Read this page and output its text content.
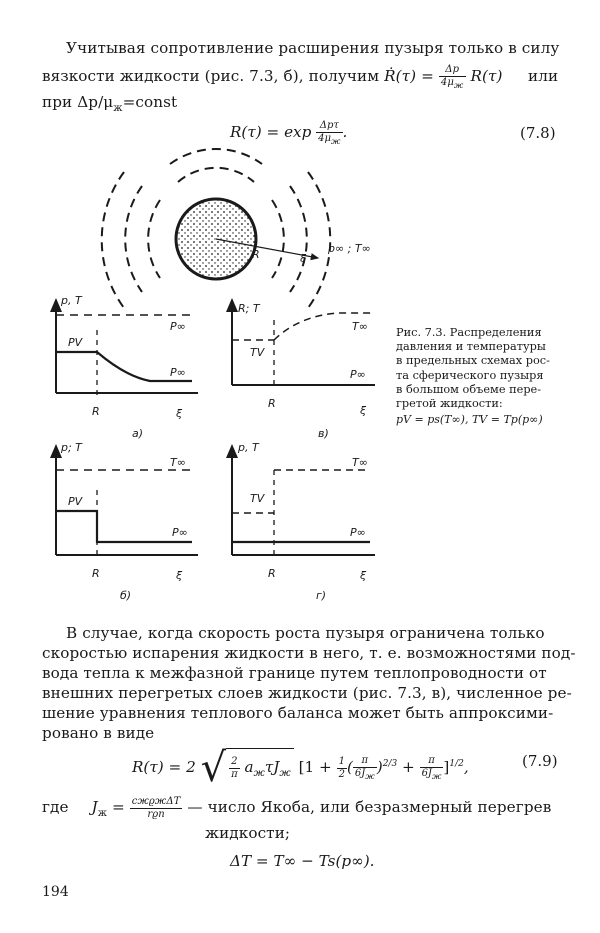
Учитывая сопротивление расширения пузыря только в силу
вязкости жидкости (рис. 7.3, б), получим Ṙ(τ) = $\frac{\Delta p}{4\mu_ж} R(\tau)$ или
при $\Delta p/\mu_ж=const$
$R(\tau) = \exp \frac{\text{Δpτ}}{4\mu_ж}$ .	(7.8)
R	ξ
p∞ ; T∞
p, T
P∞
PV
P∞
R	ξ
а)
R; T
T∞
TV
P∞
R
ξ
в)
p; T
T∞
PV
P∞
R	ξ
б)
p, T
T∞
TV
P∞
R	ξ
г)
Рис. 7.3. Распределения
давления и температуры
в предельных схемах рос-
та сферического пузыря
в большом объеме пере-
гретой жидкости:
pV = ps(T∞), TV = Tp(p∞)
В случае, когда скорость роста пузыря ограничена только
скоростью испарения жидкости в него, т. е. возможностями под-
вода тепла к межфазной границе путем теплопроводности от
внешних перегретых слоев жидкости (рис. 7.3, в), численное ре-
шение уравнения теплового баланса может быть аппроксими-
ровано в виде
R(τ) = 2 √ $\frac{2}{\pi} a_ж\tau J_ж$ [$1 + \frac{1}{2}$ ( $\frac{\pi}{6J_ж} )^{2/3} + \frac{\pi}{6J_ж} ]^{1/2}$,	(7.9)
где $J_ж = \frac{\text{cжϱжΔT}}{\text{rϱп}}$ — число Якоба, или безразмерный перегрев
жидкости;
ΔT = T∞ − Ts(p∞).
194
